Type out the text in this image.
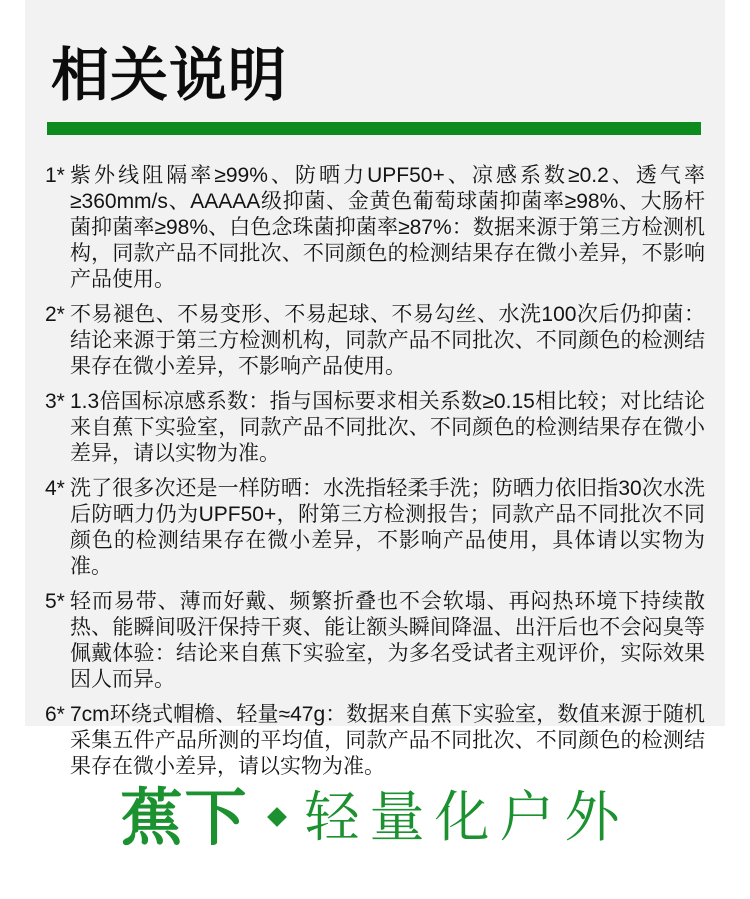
相关说明
1* 紫外线阻隔率≥99%、防晒力UPF50+、凉感系数≥0.2、透气率≥360mm/s、AAAAA级抑菌、金黄色葡萄球菌抑菌率≥98%、大肠杆菌抑菌率≥98%、白色念珠菌抑菌率≥87%：数据来源于第三方检测机构，同款产品不同批次、不同颜色的检测结果存在微小差异，不影响产品使用。
2* 不易褪色、不易变形、不易起球、不易勾丝、水洗100次后仍抑菌：结论来源于第三方检测机构，同款产品不同批次、不同颜色的检测结果存在微小差异，不影响产品使用。
3* 1.3倍国标凉感系数：指与国标要求相关系数≥0.15相比较；对比结论来自蕉下实验室，同款产品不同批次、不同颜色的检测结果存在微小差异，请以实物为准。
4* 洗了很多次还是一样防晒：水洗指轻柔手洗；防晒力依旧指30次水洗后防晒力仍为UPF50+，附第三方检测报告；同款产品不同批次不同颜色的检测结果存在微小差异，不影响产品使用，具体请以实物为准。
5* 轻而易带、薄而好戴、频繁折叠也不会软塌、再闷热环境下持续散热、能瞬间吸汗保持干爽、能让额头瞬间降温、出汗后也不会闷臭等佩戴体验：结论来自蕉下实验室，为多名受试者主观评价，实际效果因人而异。
6* 7cm环绕式帽檐、轻量≈47g：数据来自蕉下实验室，数值来源于随机采集五件产品所测的平均值，同款产品不同批次、不同颜色的检测结果存在微小差异，请以实物为准。
蕉下 轻量化户外
